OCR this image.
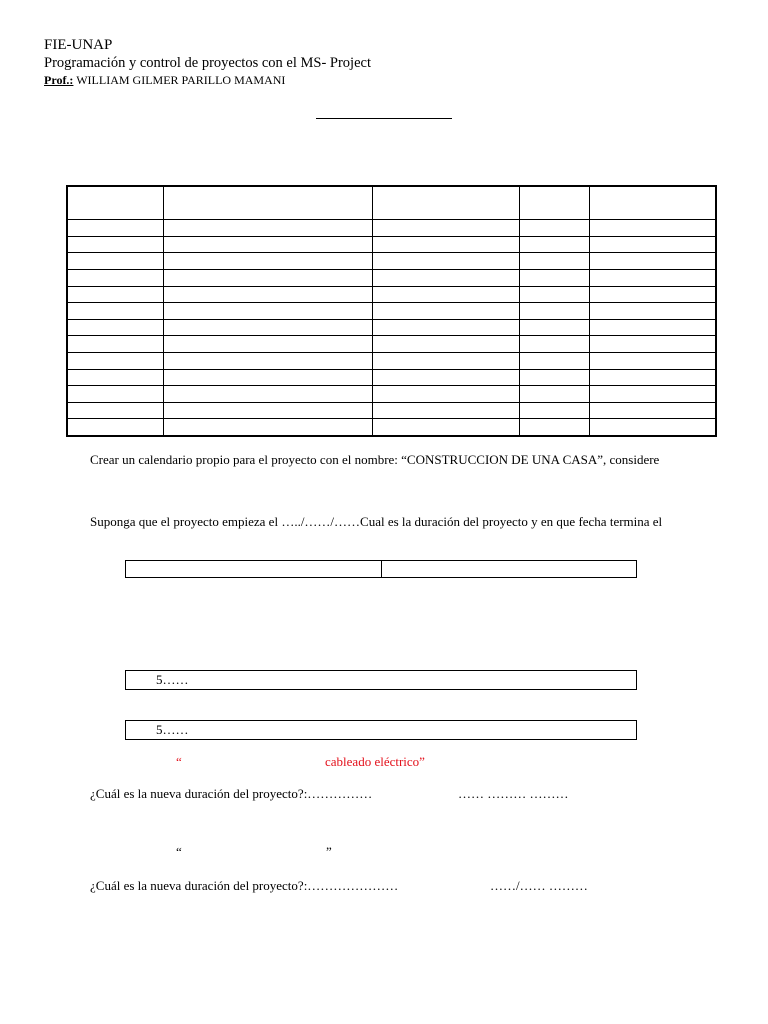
FIE-UNAP
Programación y control de proyectos con el MS- Project
Prof.: WILLIAM GILMER PARILLO MAMANI

Crear un calendario propio para el proyecto con el nombre: “CONSTRUCCION DE UNA CASA”, considere
Suponga que el proyecto empieza el …../……/……Cual es la duración del proyecto y en que fecha termina el
5……
5……
“	cableado eléctrico”
¿Cuál es la nueva duración del proyecto?:……………	…… ……… ………
“	”
¿Cuál es la nueva duración del proyecto?:…………………	……/…… ………
